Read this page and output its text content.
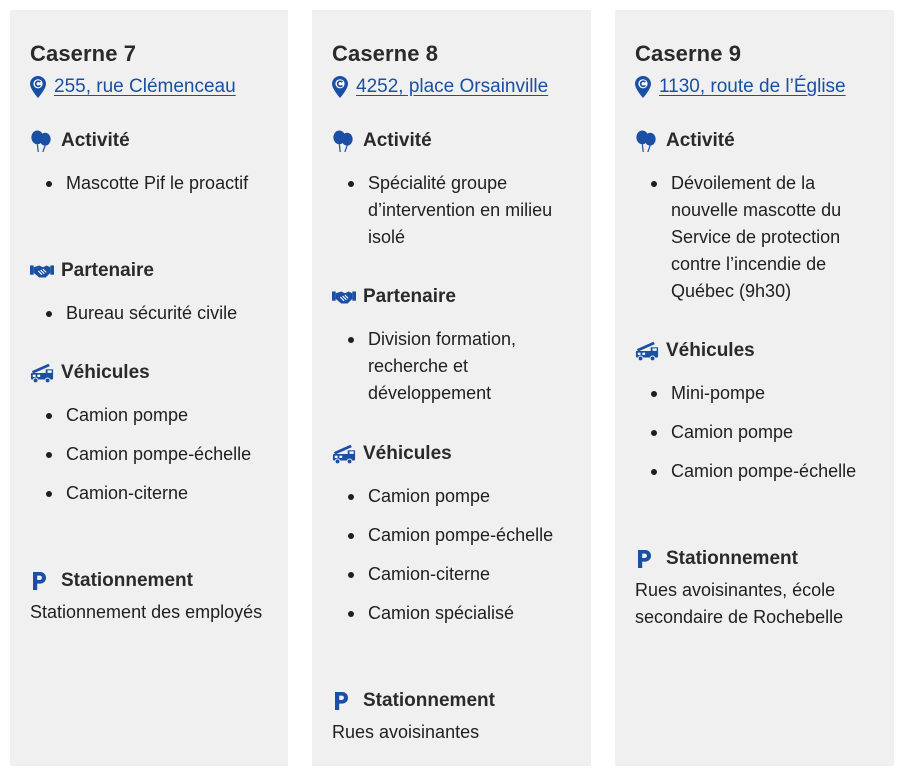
Caserne 7
255, rue Clémenceau
Activité
Mascotte Pif le proactif
Partenaire
Bureau sécurité civile
Véhicules
Camion pompe
Camion pompe-échelle
Camion-citerne
Stationnement
Stationnement des employés
Caserne 8
4252, place Orsainville
Activité
Spécialité groupe d’intervention en milieu isolé
Partenaire
Division formation, recherche et développement
Véhicules
Camion pompe
Camion pompe-échelle
Camion-citerne
Camion spécialisé
Stationnement
Rues avoisinantes
Caserne 9
1130, route de l’Église
Activité
Dévoilement de la nouvelle mascotte du Service de protection contre l’incendie de Québec (9h30)
Véhicules
Mini-pompe
Camion pompe
Camion pompe-échelle
Stationnement
Rues avoisinantes, école secondaire de Rochebelle
